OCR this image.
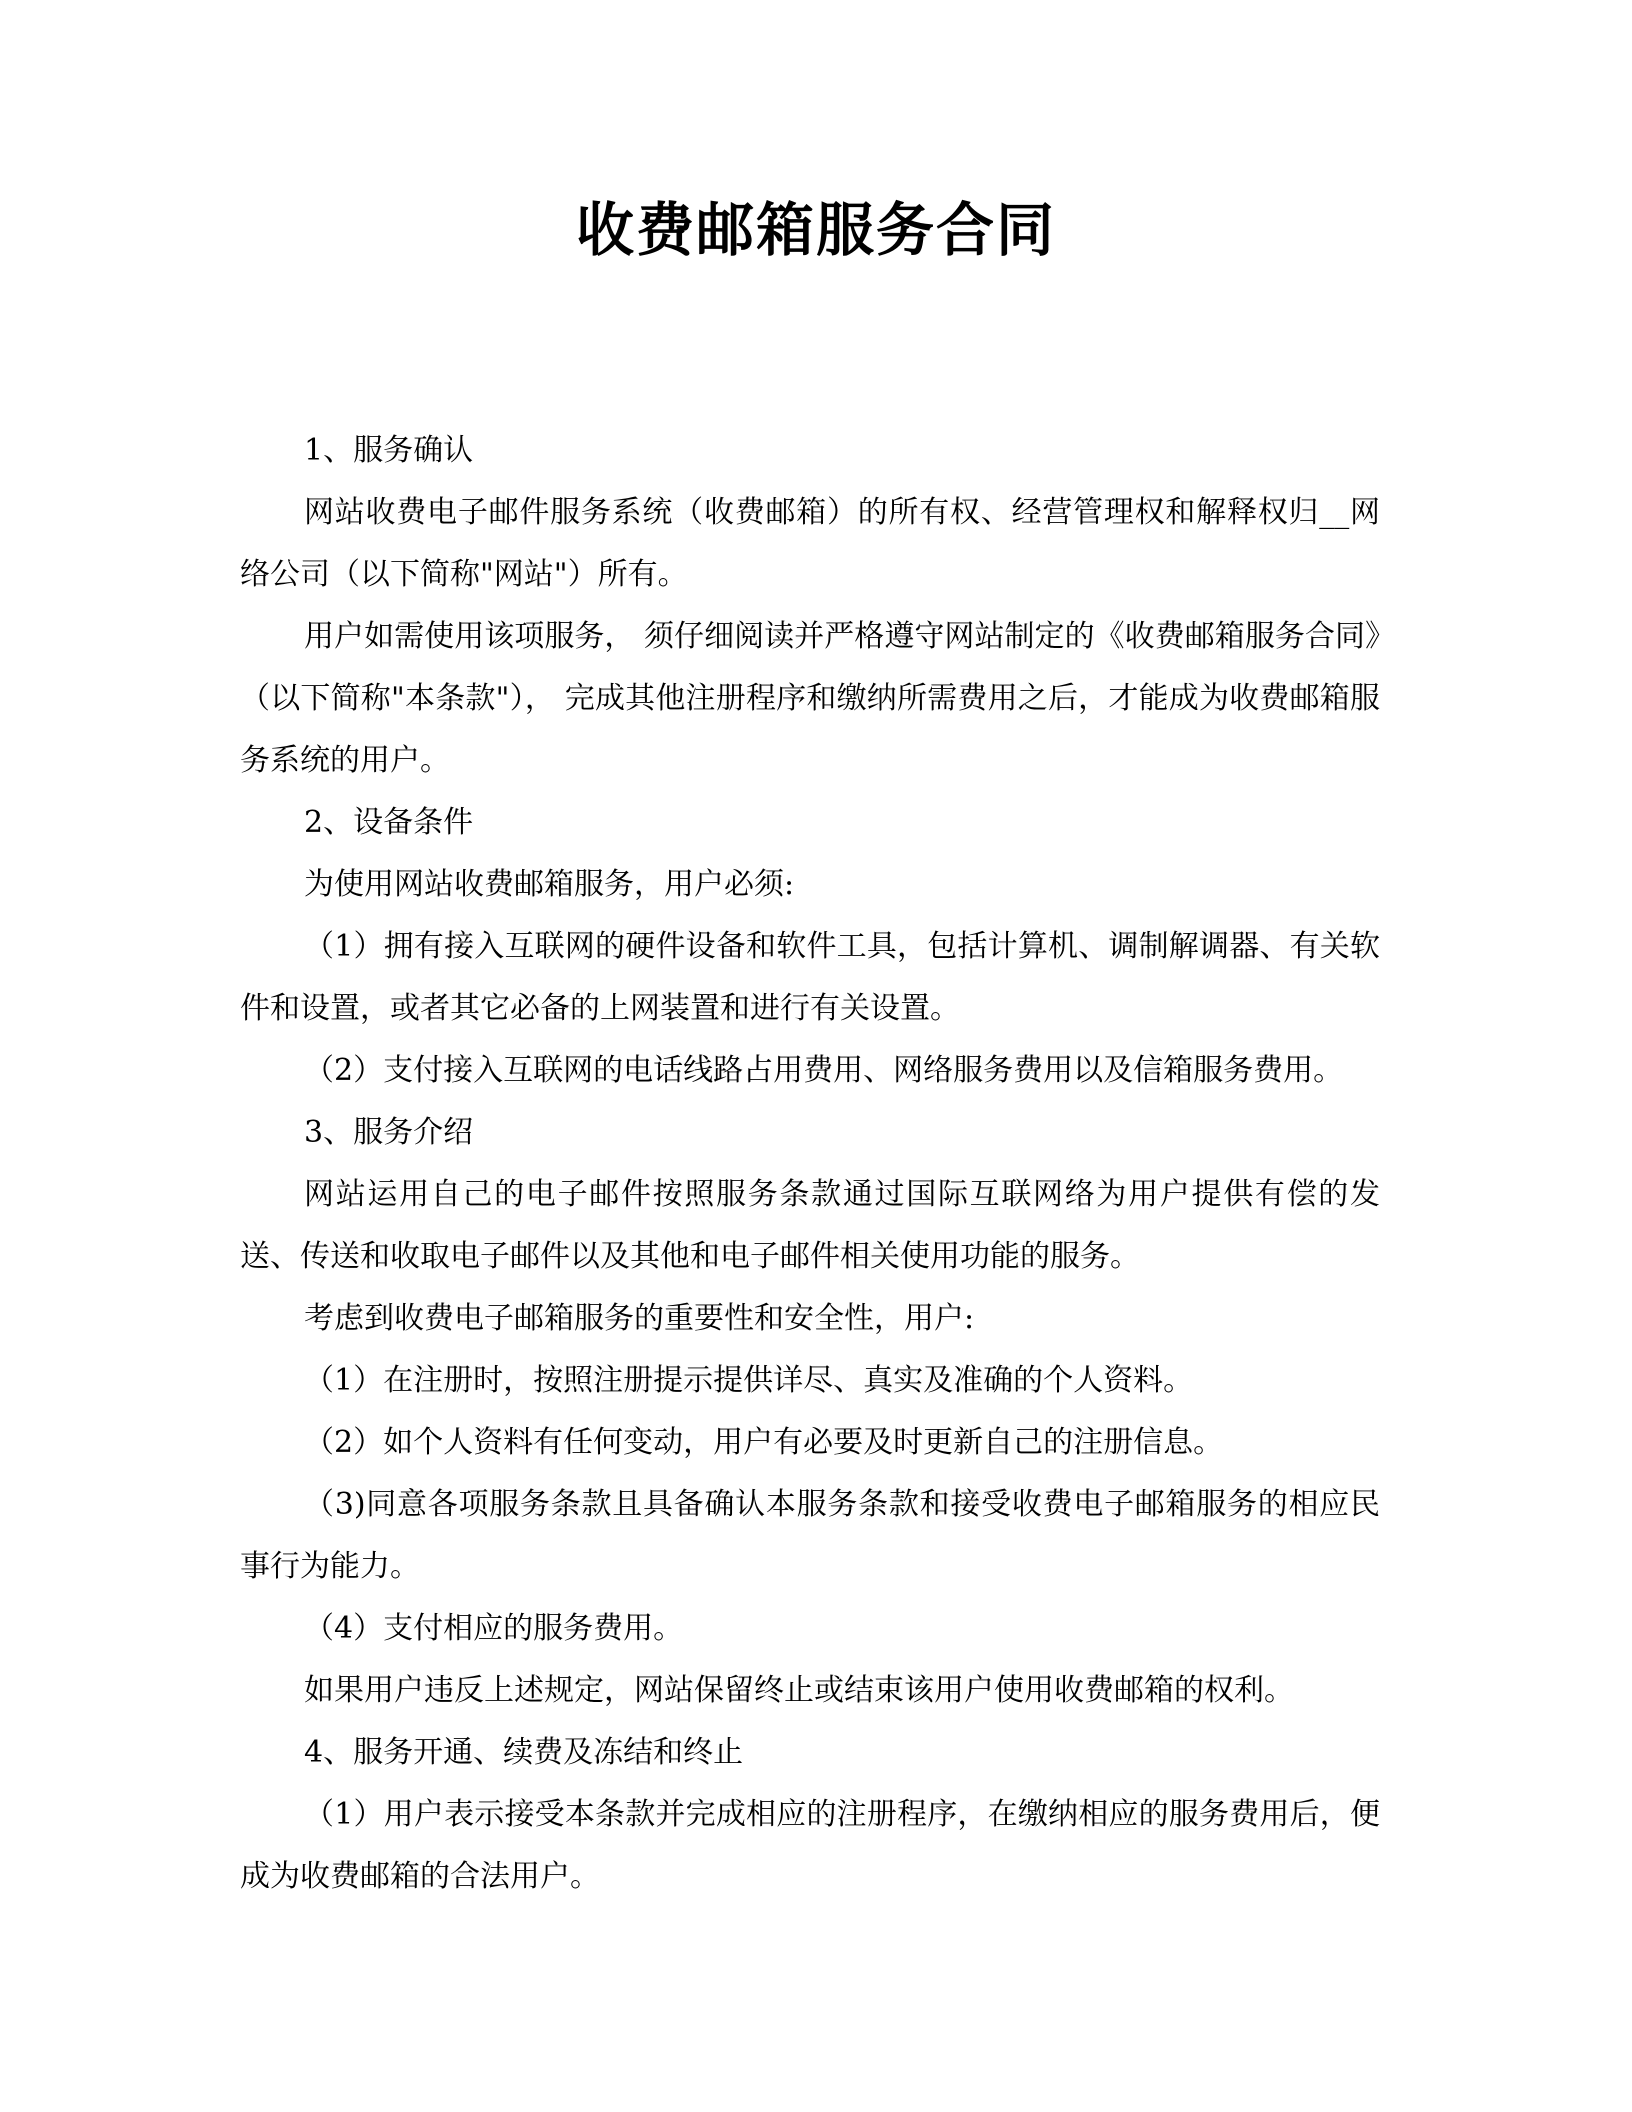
收费邮箱服务合同

1、服务确认

网站收费电子邮件服务系统（收费邮箱）的所有权、经营管理权和解释权归__网络公司（以下简称"网站"）所有。

用户如需使用该项服务， 须仔细阅读并严格遵守网站制定的《收费邮箱服务合同》（以下简称"本条款"）， 完成其他注册程序和缴纳所需费用之后，才能成为收费邮箱服务系统的用户。

2、设备条件

为使用网站收费邮箱服务，用户必须:

（1）拥有接入互联网的硬件设备和软件工具，包括计算机、调制解调器、有关软件和设置，或者其它必备的上网装置和进行有关设置。

（2）支付接入互联网的电话线路占用费用、网络服务费用以及信箱服务费用。

3、服务介绍

网站运用自己的电子邮件按照服务条款通过国际互联网络为用户提供有偿的发送、传送和收取电子邮件以及其他和电子邮件相关使用功能的服务。

考虑到收费电子邮箱服务的重要性和安全性，用户:

（1）在注册时，按照注册提示提供详尽、真实及准确的个人资料。

（2）如个人资料有任何变动，用户有必要及时更新自己的注册信息。

（3)同意各项服务条款且具备确认本服务条款和接受收费电子邮箱服务的相应民事行为能力。

（4）支付相应的服务费用。

如果用户违反上述规定，网站保留终止或结束该用户使用收费邮箱的权利。

4、服务开通、续费及冻结和终止

（1）用户表示接受本条款并完成相应的注册程序，在缴纳相应的服务费用后，便成为收费邮箱的合法用户。
